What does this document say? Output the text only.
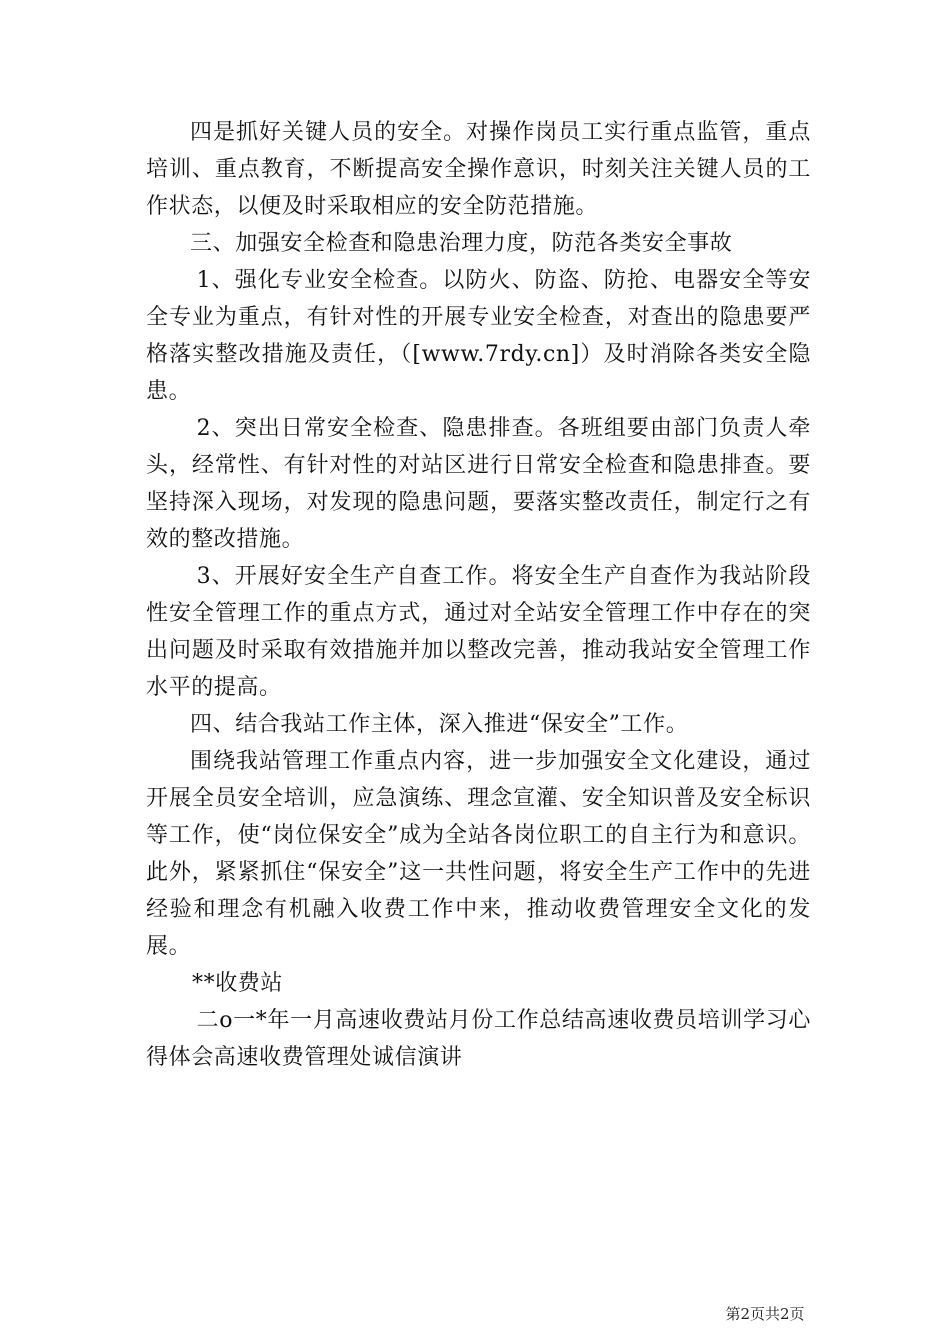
四是抓好关键人员的安全。对操作岗员工实行重点监管，重点培训、重点教育，不断提高安全操作意识，时刻关注关键人员的工作状态，以便及时采取相应的安全防范措施。

三、加强安全检查和隐患治理力度，防范各类安全事故

1、强化专业安全检查。以防火、防盗、防抢、电器安全等安全专业为重点，有针对性的开展专业安全检查，对查出的隐患要严格落实整改措施及责任，（[www.7rdy.cn]）及时消除各类安全隐患。

2、突出日常安全检查、隐患排查。各班组要由部门负责人牵头，经常性、有针对性的对站区进行日常安全检查和隐患排查。要坚持深入现场，对发现的隐患问题，要落实整改责任，制定行之有效的整改措施。

3、开展好安全生产自查工作。将安全生产自查作为我站阶段性安全管理工作的重点方式，通过对全站安全管理工作中存在的突出问题及时采取有效措施并加以整改完善，推动我站安全管理工作水平的提高。

四、结合我站工作主体，深入推进“保安全”工作。

围绕我站管理工作重点内容，进一步加强安全文化建设，通过开展全员安全培训，应急演练、理念宣灌、安全知识普及安全标识等工作，使“岗位保安全”成为全站各岗位职工的自主行为和意识。此外，紧紧抓住“保安全”这一共性问题，将安全生产工作中的先进经验和理念有机融入收费工作中来，推动收费管理安全文化的发展。

**收费站

二o一*年一月高速收费站月份工作总结高速收费员培训学习心得体会高速收费管理处诚信演讲

第2页共2页
